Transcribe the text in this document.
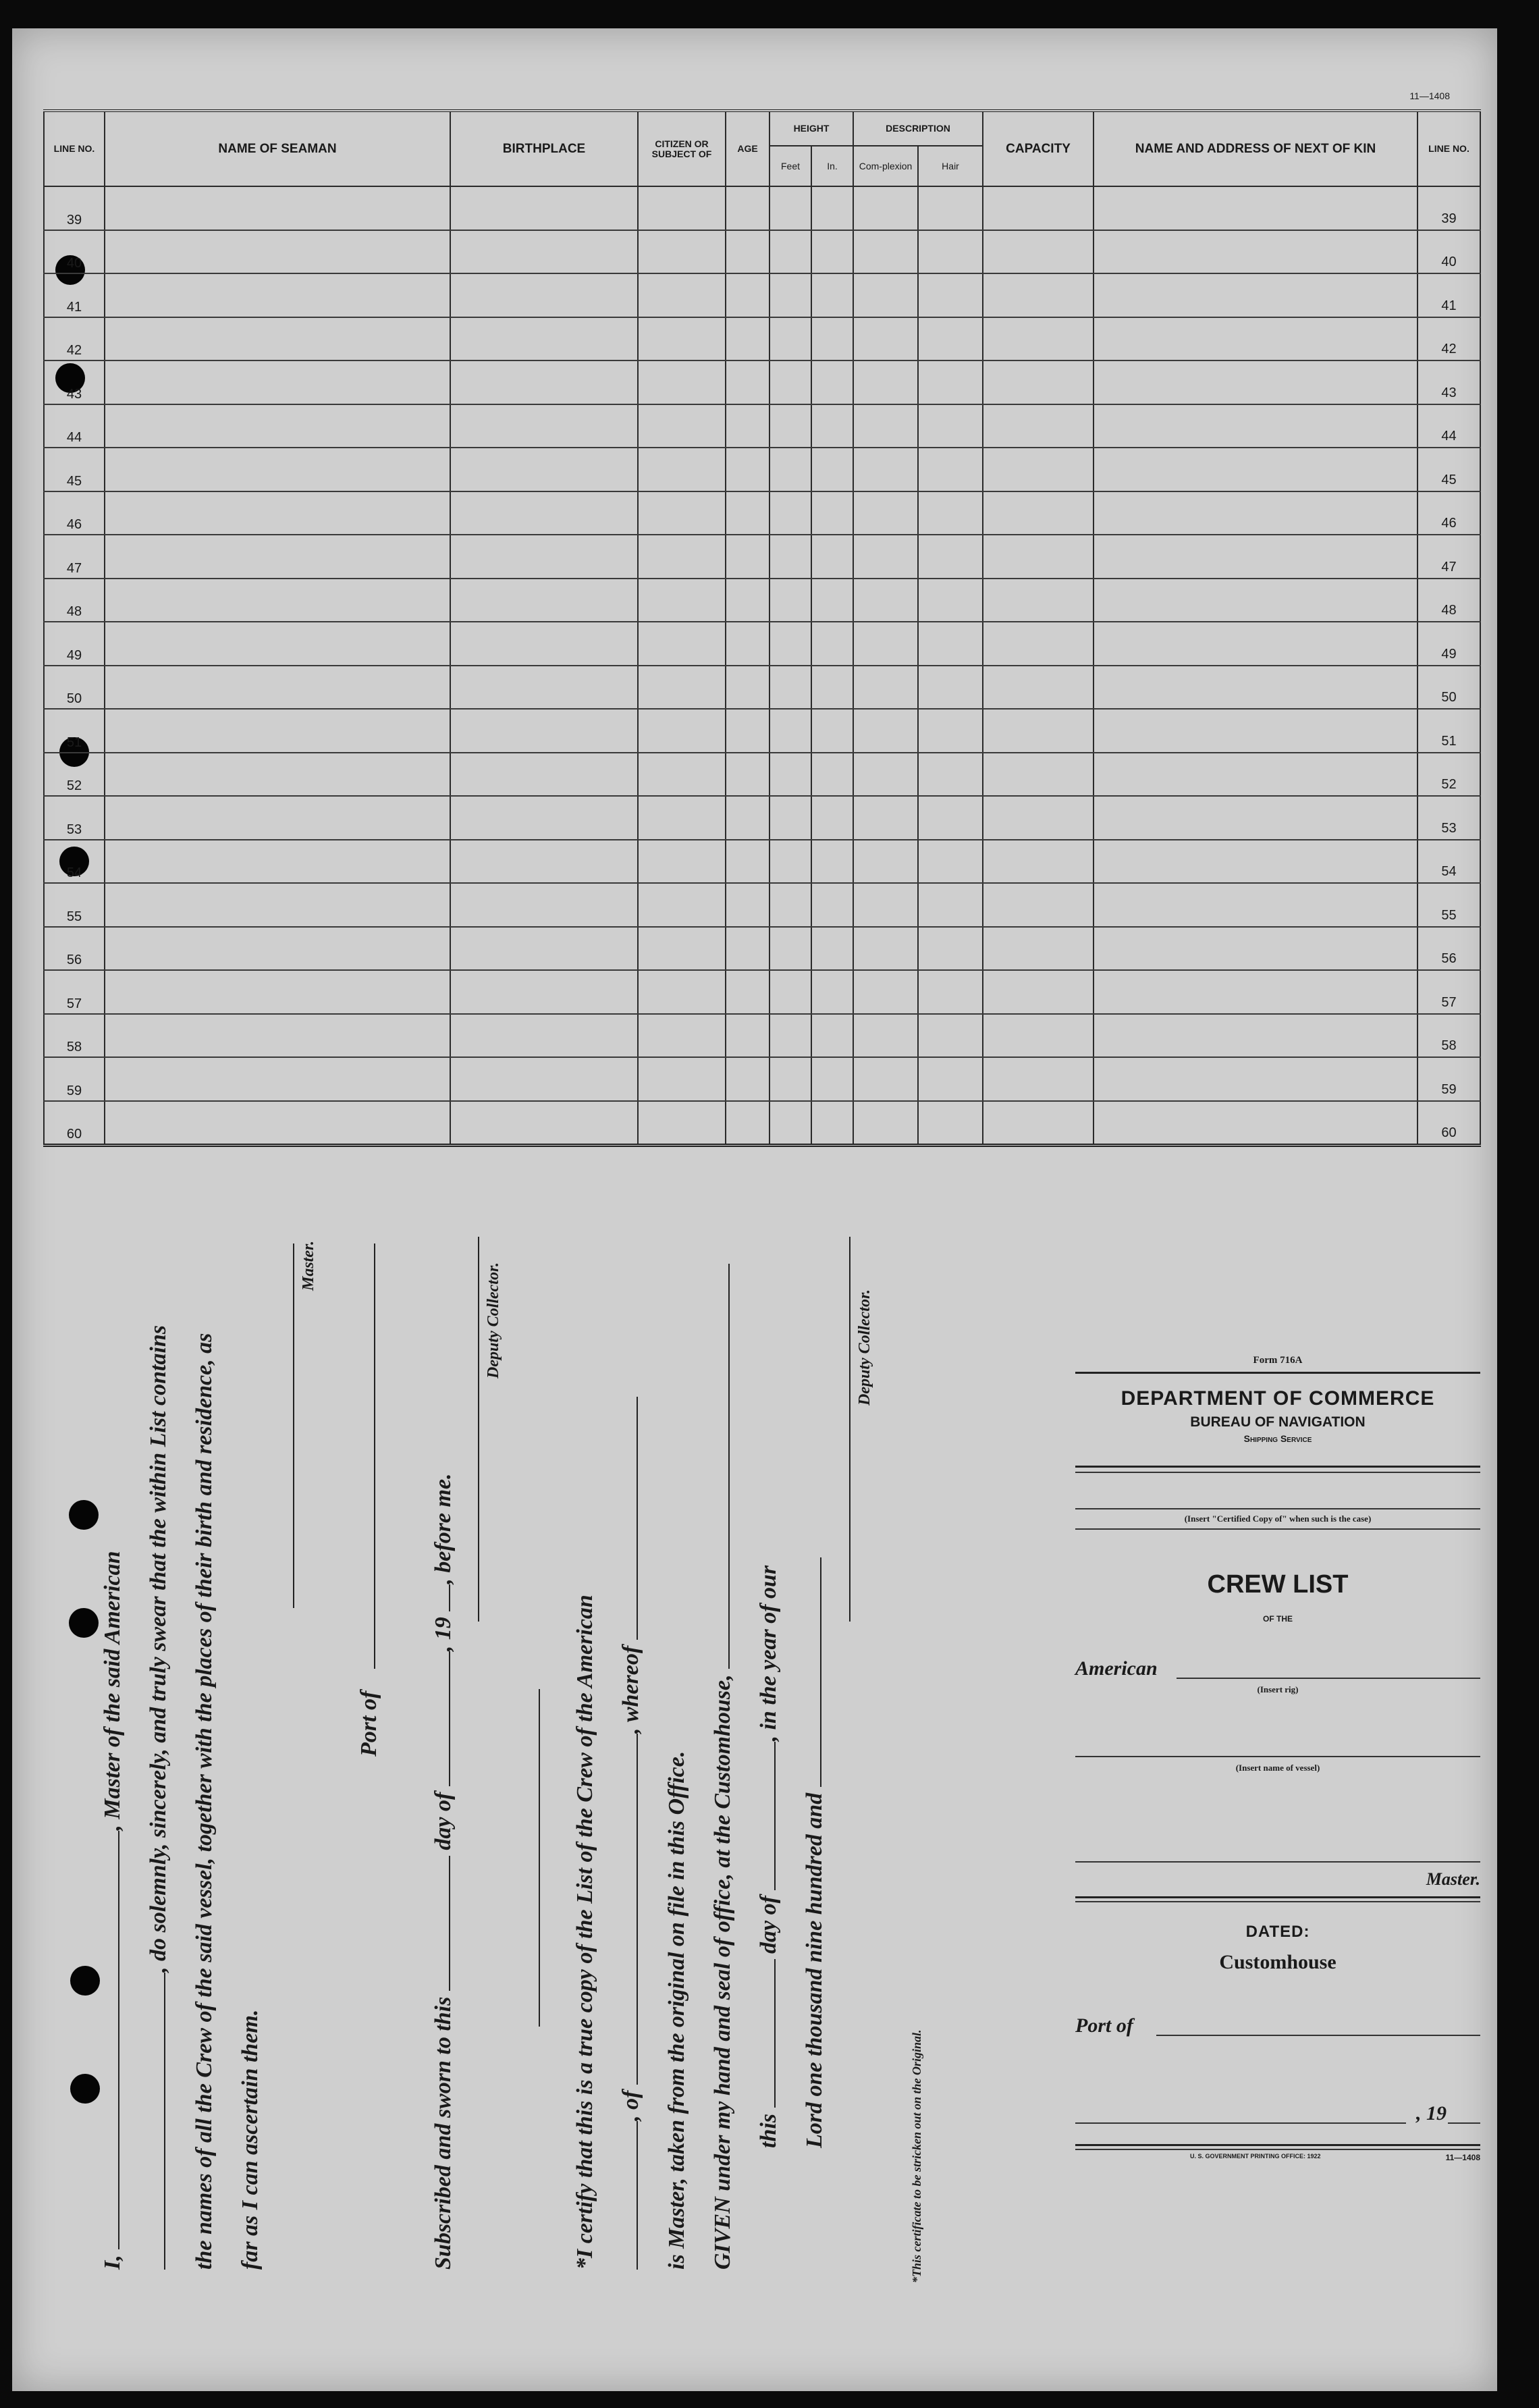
11—1408
LINE NO.	NAME OF SEAMAN	BIRTHPLACE	CITIZEN OR SUBJECT OF	AGE	HEIGHT		DESCRIPTION		CAPACITY	NAME AND ADDRESS OF NEXT OF KIN	LINE NO.
					Feet	In.	Com-plexion	Hair			
39											39
40											40
41											41
42											42
43											43
44											44
45											45
46											46
47											47
48											48
49											49
50											50
51											51
52											52
53											53
54											54
55											55
56											56
57											57
58											58
59											59
60											60
I, , Master of the said American , do solemnly, sincerely, and truly swear that the within List contains the names of all the Crew of the said vessel, together with the places of their birth and residence, as far as I can ascertain them.
Master.
Port of
Subscribed and sworn to this  day of , 19 , before me.
Deputy Collector.
*I certify that this is a true copy of the List of the Crew of the American , of , whereof
is Master, taken from the original on file in this Office. GIVEN under my hand and seal of office, at the Customhouse, this  day of , in the year of our
Lord one thousand nine hundred and
Deputy Collector.
*This certificate to be stricken out on the Original.
Form 716A
DEPARTMENT OF COMMERCE
BUREAU OF NAVIGATION
Shipping Service
(Insert "Certified Copy of" when such is the case)
CREW LIST
OF THE
American
(Insert rig)
(Insert name of vessel)
Master.
DATED:
Customhouse
Port of
, 19
U. S. GOVERNMENT PRINTING OFFICE: 1922	11—1408
